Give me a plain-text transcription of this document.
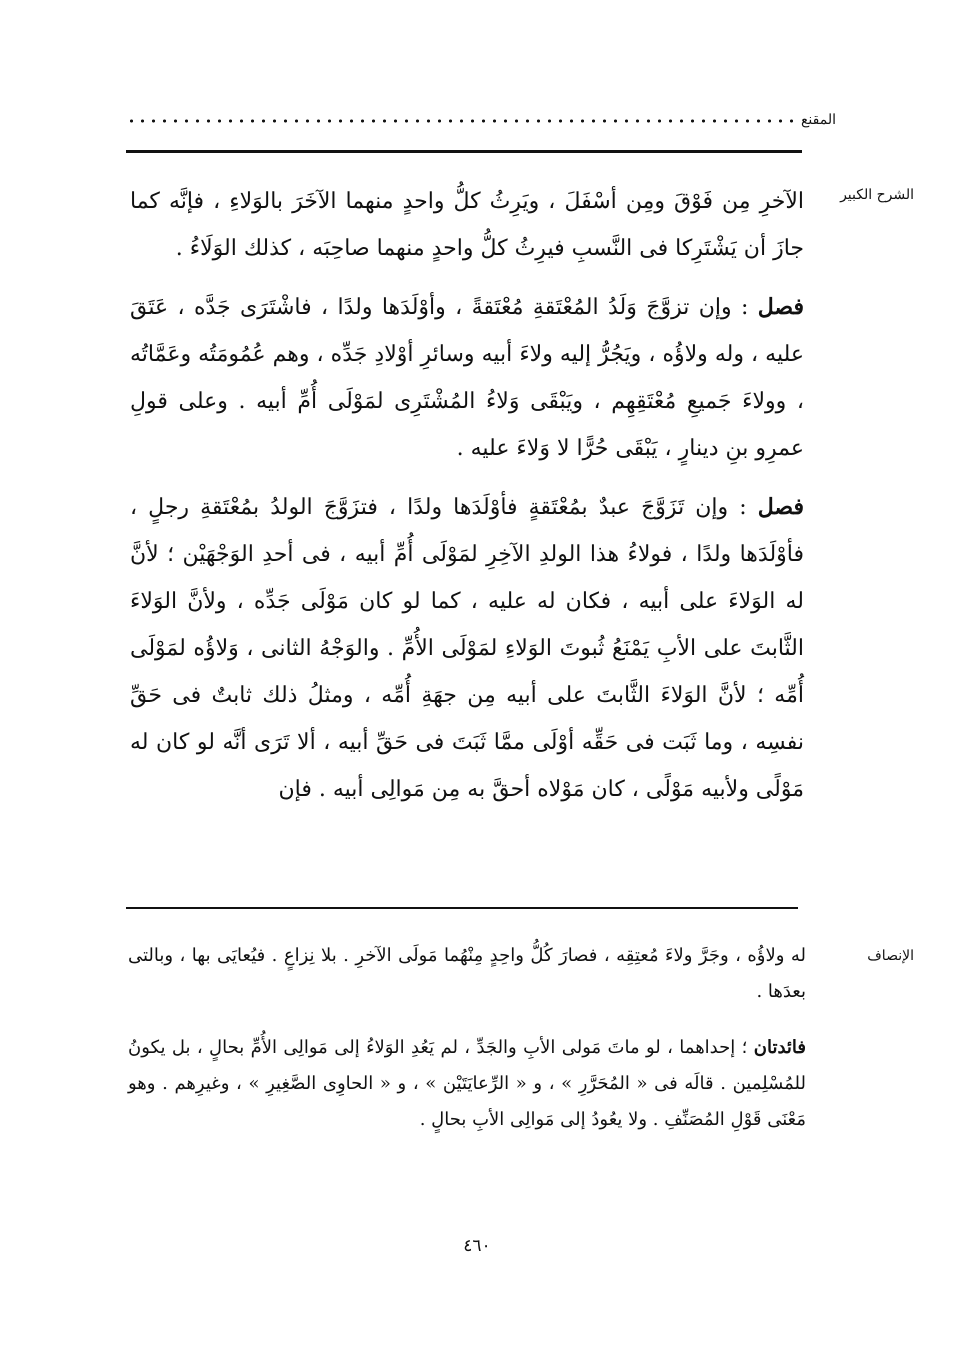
المقنع
الشرح الكبير

الآخرِ مِن فَوْقَ ومِن أسْفَلَ ، ويَرِثُ كلُّ واحدٍ منهما الآخَرَ بالوَلاءِ ، فإنَّه كما جازَ أن يَشْتَرِكا فى النَّسبِ فيرِثُ كلُّ واحدٍ منهما صاحِبَه ، كذلك الوَلَاءُ .

فصل : وإن تزوَّجَ وَلَدُ المُعْتَقةِ مُعْتَقةً ، وأوْلَدَها ولدًا ، فاشْتَرَى جَدَّه ، عَتَقَ عليه ، وله ولاؤُه ، ويَجُرُّ إليه ولاءَ أبيه وسائرِ أوْلادِ جَدِّه ، وهم عُمُومَتُه وعَمَّاتُه ، وولاءَ جَميعِ مُعْتَقِهِم ، ويَبْقَى وَلاءُ المُشْتَرِى لمَوْلَى أُمِّ أبيه . وعلى قولِ عمرِو بنِ دينارٍ ، يَبْقَى حُرًّا لا وَلاءَ عليه .

فصل : وإن تَزَوَّجَ عبدٌ بمُعْتَقةٍ فأوْلَدَها ولدًا ، فتزَوَّجَ الولدُ بمُعْتَقةِ رجلٍ ، فأوْلَدَها ولدًا ، فولاءُ هذا الولدِ الآخِرِ لمَوْلَى أُمِّ أبيه ، فى أحدِ الوَجْهَيْن ؛ لأنَّ له الوَلاءَ على أبيه ، فكان له عليه ، كما لو كان مَوْلَى جَدِّه ، ولأنَّ الوَلاءَ الثَّابتَ على الأبِ يَمْنَعُ ثُبوتَ الوَلاءِ لمَوْلَى الأُمِّ . والوَجْهُ الثانى ، وَلاؤُه لمَوْلَى أُمِّه ؛ لأنَّ الوَلاءَ الثَّابتَ على أبيه مِن جهَةِ أُمِّه ، ومثلُ ذلك ثابتٌ فى حَقِّ نفسِه ، وما ثَبَت فى حَقِّه أوْلَى ممَّا ثَبَتَ فى حَقِّ أبيه ، ألا تَرَى أنَّه لو كان له مَوْلًى ولأبيه مَوْلًى ، كان مَوْلاه أحقَّ به مِن مَوالِى أبيه . فإن

الإنصاف

له ولاؤُه ، وجَرَّ ولاءَ مُعتِقِه ، فصارَ كُلُّ واحِدٍ مِنْهُما مَولَى الآخرِ . بلا نِزاعٍ . فيُعايَى بها ، وبالتى بعدَها .

فائدتان ؛ إحداهما ، لو ماتَ مَولى الأبِ والجَدِّ ، لم يَعُدِ الوَلاءُ إلى مَوالِى الأُمِّ بحالٍ ، بل يكونُ للمُسْلِمين . قالَه فى « المُحَرَّرِ » ، و « الرِّعايَتَيْن » ، و « الحاوِى الصَّغِيرِ » ، وغيرِهم . وهو مَعْنَى قَوْلِ المُصَنِّفِ . ولا يعُودُ إلى مَوالِى الأبِ بحالٍ .

٤٦٠
